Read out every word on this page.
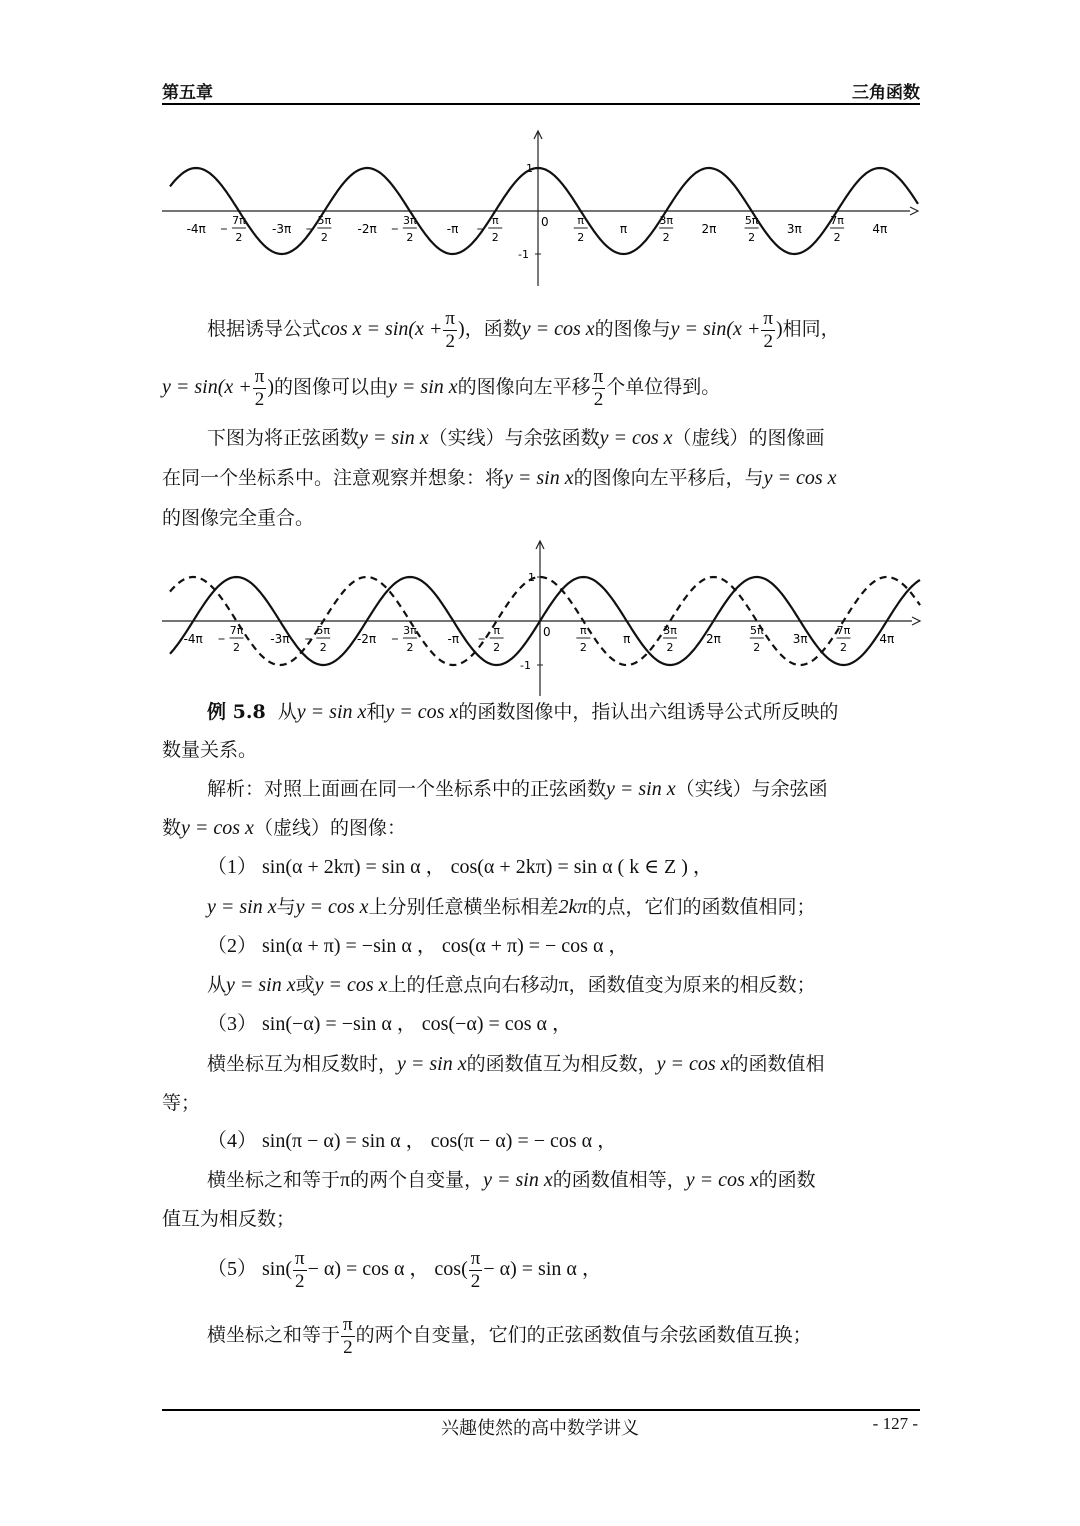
第五章	三角函数
1
-1
0
-4π	-3π	-2π	-π	π	2π	3π	4π
7π
2
5π
2
3π
2
π
2
π
2
3π
2
5π
2
7π
2
根据诱导公式$\cos x = \sin(x + \frac{\pi}{2}$ )，函数y = cos x的图像与$y = \sin(x + \frac{\pi}{2}$ )相同，
$y = \sin(x + \frac{\pi}{2}$ )的图像可以由y = sin x的图像向左平移 $\frac{\pi}{2}$ 个单位得到。
下图为将正弦函数y = sin x（实线）与余弦函数y = cos x（虚线）的图像画
在同一个坐标系中。注意观察并想象：将y = sin x的图像向左平移后，与y = cos x
的图像完全重合。
1
-1
0
-4π	-3π	-2π	-π	π	2π	3π	4π
7π
2
5π
2
3π
2
π
2
π
2
3π
2
5π
2
7π
2
例 5.8 从y = sin x和y = cos x的函数图像中，指认出六组诱导公式所反映的
数量关系。
解析：对照上面画在同一个坐标系中的正弦函数y = sin x（实线）与余弦函
数y = cos x（虚线）的图像：
（1） sin(α + 2kπ) = sin α ， cos(α + 2kπ) = sin α ( k ∈ Z ) ，
y = sin x与y = cos x上分别任意横坐标相差2kπ的点，它们的函数值相同；
（2） sin(α + π) = −sin α ， cos(α + π) = − cos α ，
从y = sin x或y = cos x上的任意点向右移动π，函数值变为原来的相反数；
（3） sin(−α) = −sin α ， cos(−α) = cos α ，
横坐标互为相反数时，y = sin x的函数值互为相反数，y = cos x的函数值相
等；
（4） sin(π − α) = sin α ， cos(π − α) = − cos α ，
横坐标之和等于π的两个自变量，y = sin x的函数值相等，y = cos x的函数
值互为相反数；
（5） $\sin( \frac{\pi}{2} - \alpha) = \cos \alpha$ ， $\cos( \frac{\pi}{2} - \alpha) = \sin \alpha$ ，
横坐标之和等于 $\frac{\pi}{2}$ 的两个自变量，它们的正弦函数值与余弦函数值互换；
兴趣使然的高中数学讲义	- 127 -
